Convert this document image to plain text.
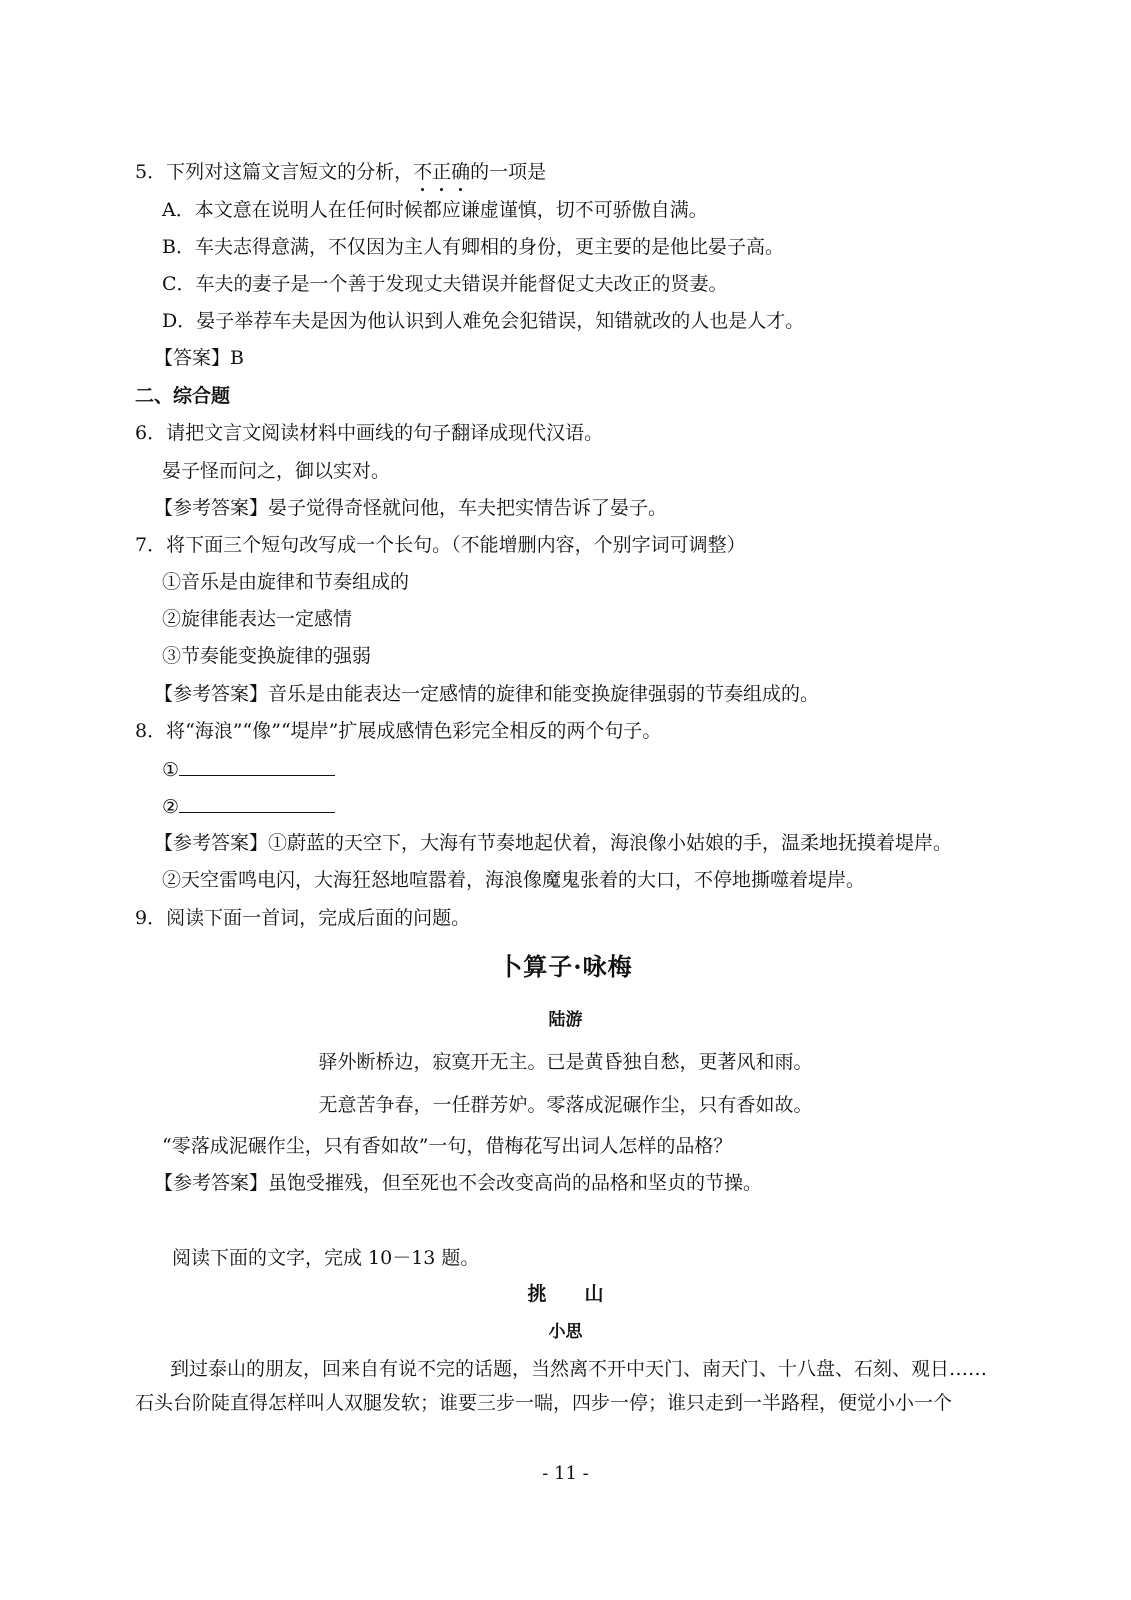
5．下列对这篇文言短文的分析，不正确的一项是
A．本文意在说明人在任何时候都应谦虚谨慎，切不可骄傲自满。
B．车夫志得意满，不仅因为主人有卿相的身份，更主要的是他比晏子高。
C．车夫的妻子是一个善于发现丈夫错误并能督促丈夫改正的贤妻。
D．晏子举荐车夫是因为他认识到人难免会犯错误，知错就改的人也是人才。
【答案】B
二、综合题
6．请把文言文阅读材料中画线的句子翻译成现代汉语。
晏子怪而问之，御以实对。
【参考答案】晏子觉得奇怪就问他，车夫把实情告诉了晏子。
7．将下面三个短句改写成一个长句。（不能增删内容，个别字词可调整）
①音乐是由旋律和节奏组成的
②旋律能表达一定感情
③节奏能变换旋律的强弱
【参考答案】音乐是由能表达一定感情的旋律和能变换旋律强弱的节奏组成的。
8．将“海浪”“像”“堤岸”扩展成感情色彩完全相反的两个句子。
①
②
【参考答案】①蔚蓝的天空下，大海有节奏地起伏着，海浪像小姑娘的手，温柔地抚摸着堤岸。
②天空雷鸣电闪，大海狂怒地喧嚣着，海浪像魔鬼张着的大口，不停地撕噬着堤岸。
9．阅读下面一首词，完成后面的问题。
卜算子·咏梅
陆游
驿外断桥边，寂寞开无主。已是黄昏独自愁，更著风和雨。
无意苦争春，一任群芳妒。零落成泥碾作尘，只有香如故。
“零落成泥碾作尘，只有香如故”一句，借梅花写出词人怎样的品格？
【参考答案】虽饱受摧残，但至死也不会改变高尚的品格和坚贞的节操。
阅读下面的文字，完成 10－13 题。
挑　　山
小思
到过泰山的朋友，回来自有说不完的话题，当然离不开中天门、南天门、十八盘、石刻、观日……
石头台阶陡直得怎样叫人双腿发软；谁要三步一喘，四步一停；谁只走到一半路程，便觉小小一个
- 11 -
